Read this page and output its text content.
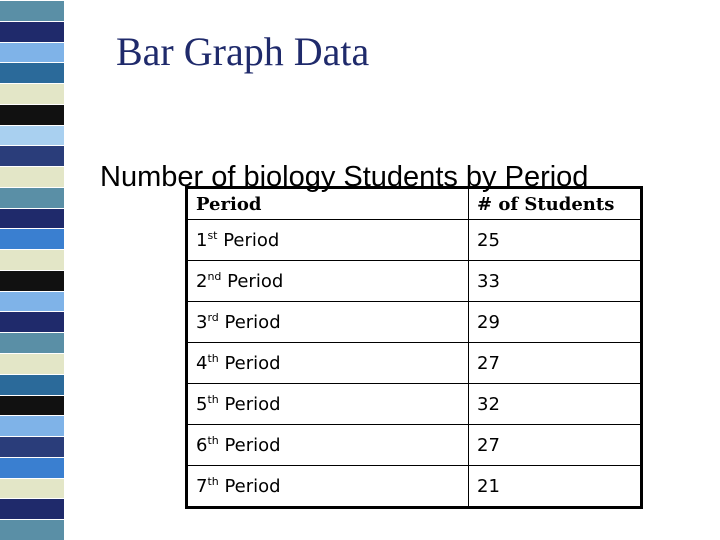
Bar Graph Data
Number of biology Students by Period
Period	# of Students
1st Period	25
2nd Period	33
3rd Period	29
4th Period	27
5th Period	32
6th Period	27
7th Period	21
